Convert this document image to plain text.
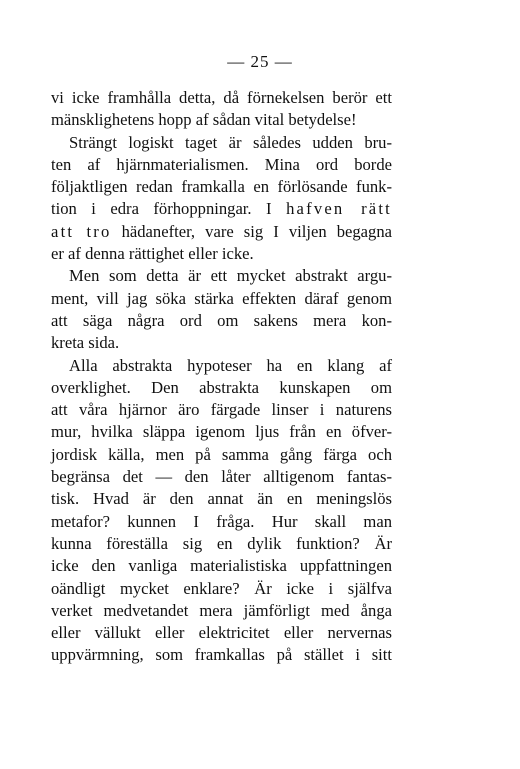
— 25 —
vi icke framhålla detta, då förnekelsen berör ett
mänsklighetens hopp af sådan vital betydelse!
Strängt logiskt taget är således udden bru-
ten af hjärnmaterialismen. Mina ord borde
följaktligen redan framkalla en förlösande funk-
tion i edra förhoppningar. I hafven rätt
att tro hädanefter, vare sig I viljen begagna
er af denna rättighet eller icke.
Men som detta är ett mycket abstrakt argu-
ment, vill jag söka stärka effekten däraf genom
att säga några ord om sakens mera kon-
kreta sida.
Alla abstrakta hypoteser ha en klang af
overklighet. Den abstrakta kunskapen om
att våra hjärnor äro färgade linser i naturens
mur, hvilka släppa igenom ljus från en öfver-
jordisk källa, men på samma gång färga och
begränsa det — den låter alltigenom fantas-
tisk. Hvad är den annat än en meningslös
metafor? kunnen I fråga. Hur skall man
kunna föreställa sig en dylik funktion? Är
icke den vanliga materialistiska uppfattningen
oändligt mycket enklare? Är icke i själfva
verket medvetandet mera jämförligt med ånga
eller vällukt eller elektricitet eller nervernas
uppvärmning, som framkallas på stället i sitt
